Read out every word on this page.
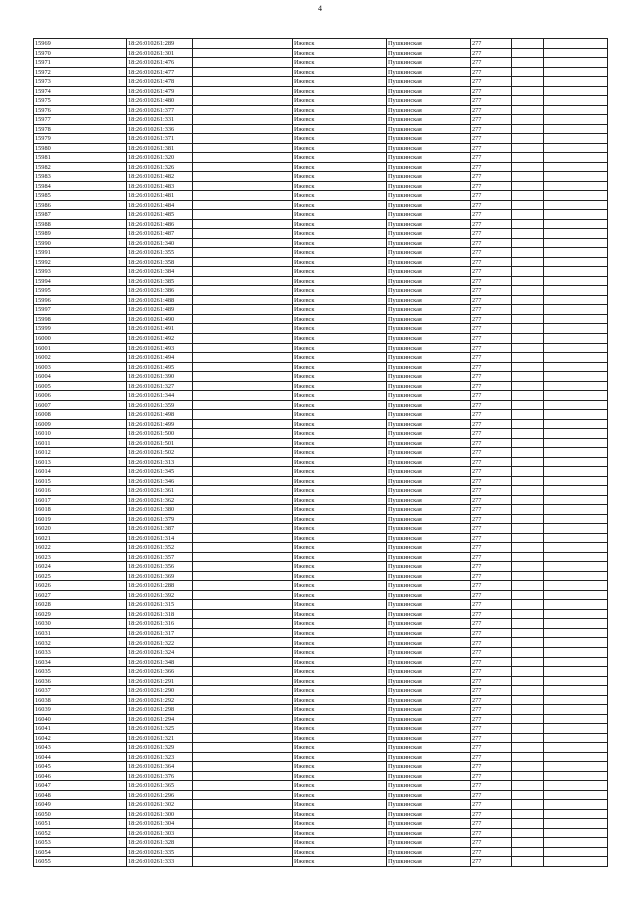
4
15969	18:26:010261:289		Ижевск	Пушкинская	277		
15970	18:26:010261:301		Ижевск	Пушкинская	277		
15971	18:26:010261:476		Ижевск	Пушкинская	277		
15972	18:26:010261:477		Ижевск	Пушкинская	277		
15973	18:26:010261:478		Ижевск	Пушкинская	277		
15974	18:26:010261:479		Ижевск	Пушкинская	277		
15975	18:26:010261:480		Ижевск	Пушкинская	277		
15976	18:26:010261:377		Ижевск	Пушкинская	277		
15977	18:26:010261:331		Ижевск	Пушкинская	277		
15978	18:26:010261:336		Ижевск	Пушкинская	277		
15979	18:26:010261:371		Ижевск	Пушкинская	277		
15980	18:26:010261:381		Ижевск	Пушкинская	277		
15981	18:26:010261:320		Ижевск	Пушкинская	277		
15982	18:26:010261:326		Ижевск	Пушкинская	277		
15983	18:26:010261:482		Ижевск	Пушкинская	277		
15984	18:26:010261:483		Ижевск	Пушкинская	277		
15985	18:26:010261:481		Ижевск	Пушкинская	277		
15986	18:26:010261:484		Ижевск	Пушкинская	277		
15987	18:26:010261:485		Ижевск	Пушкинская	277		
15988	18:26:010261:486		Ижевск	Пушкинская	277		
15989	18:26:010261:487		Ижевск	Пушкинская	277		
15990	18:26:010261:340		Ижевск	Пушкинская	277		
15991	18:26:010261:355		Ижевск	Пушкинская	277		
15992	18:26:010261:358		Ижевск	Пушкинская	277		
15993	18:26:010261:384		Ижевск	Пушкинская	277		
15994	18:26:010261:385		Ижевск	Пушкинская	277		
15995	18:26:010261:386		Ижевск	Пушкинская	277		
15996	18:26:010261:488		Ижевск	Пушкинская	277		
15997	18:26:010261:489		Ижевск	Пушкинская	277		
15998	18:26:010261:490		Ижевск	Пушкинская	277		
15999	18:26:010261:491		Ижевск	Пушкинская	277		
16000	18:26:010261:492		Ижевск	Пушкинская	277		
16001	18:26:010261:493		Ижевск	Пушкинская	277		
16002	18:26:010261:494		Ижевск	Пушкинская	277		
16003	18:26:010261:495		Ижевск	Пушкинская	277		
16004	18:26:010261:390		Ижевск	Пушкинская	277		
16005	18:26:010261:327		Ижевск	Пушкинская	277		
16006	18:26:010261:344		Ижевск	Пушкинская	277		
16007	18:26:010261:359		Ижевск	Пушкинская	277		
16008	18:26:010261:498		Ижевск	Пушкинская	277		
16009	18:26:010261:499		Ижевск	Пушкинская	277		
16010	18:26:010261:500		Ижевск	Пушкинская	277		
16011	18:26:010261:501		Ижевск	Пушкинская	277		
16012	18:26:010261:502		Ижевск	Пушкинская	277		
16013	18:26:010261:313		Ижевск	Пушкинская	277		
16014	18:26:010261:345		Ижевск	Пушкинская	277		
16015	18:26:010261:346		Ижевск	Пушкинская	277		
16016	18:26:010261:361		Ижевск	Пушкинская	277		
16017	18:26:010261:362		Ижевск	Пушкинская	277		
16018	18:26:010261:380		Ижевск	Пушкинская	277		
16019	18:26:010261:379		Ижевск	Пушкинская	277		
16020	18:26:010261:387		Ижевск	Пушкинская	277		
16021	18:26:010261:314		Ижевск	Пушкинская	277		
16022	18:26:010261:352		Ижевск	Пушкинская	277		
16023	18:26:010261:357		Ижевск	Пушкинская	277		
16024	18:26:010261:356		Ижевск	Пушкинская	277		
16025	18:26:010261:369		Ижевск	Пушкинская	277		
16026	18:26:010261:288		Ижевск	Пушкинская	277		
16027	18:26:010261:392		Ижевск	Пушкинская	277		
16028	18:26:010261:315		Ижевск	Пушкинская	277		
16029	18:26:010261:318		Ижевск	Пушкинская	277		
16030	18:26:010261:316		Ижевск	Пушкинская	277		
16031	18:26:010261:317		Ижевск	Пушкинская	277		
16032	18:26:010261:322		Ижевск	Пушкинская	277		
16033	18:26:010261:324		Ижевск	Пушкинская	277		
16034	18:26:010261:348		Ижевск	Пушкинская	277		
16035	18:26:010261:366		Ижевск	Пушкинская	277		
16036	18:26:010261:291		Ижевск	Пушкинская	277		
16037	18:26:010261:290		Ижевск	Пушкинская	277		
16038	18:26:010261:292		Ижевск	Пушкинская	277		
16039	18:26:010261:298		Ижевск	Пушкинская	277		
16040	18:26:010261:294		Ижевск	Пушкинская	277		
16041	18:26:010261:325		Ижевск	Пушкинская	277		
16042	18:26:010261:321		Ижевск	Пушкинская	277		
16043	18:26:010261:329		Ижевск	Пушкинская	277		
16044	18:26:010261:323		Ижевск	Пушкинская	277		
16045	18:26:010261:364		Ижевск	Пушкинская	277		
16046	18:26:010261:376		Ижевск	Пушкинская	277		
16047	18:26:010261:365		Ижевск	Пушкинская	277		
16048	18:26:010261:296		Ижевск	Пушкинская	277		
16049	18:26:010261:302		Ижевск	Пушкинская	277		
16050	18:26:010261:300		Ижевск	Пушкинская	277		
16051	18:26:010261:304		Ижевск	Пушкинская	277		
16052	18:26:010261:303		Ижевск	Пушкинская	277		
16053	18:26:010261:328		Ижевск	Пушкинская	277		
16054	18:26:010261:335		Ижевск	Пушкинская	277		
16055	18:26:010261:333		Ижевск	Пушкинская	277		
